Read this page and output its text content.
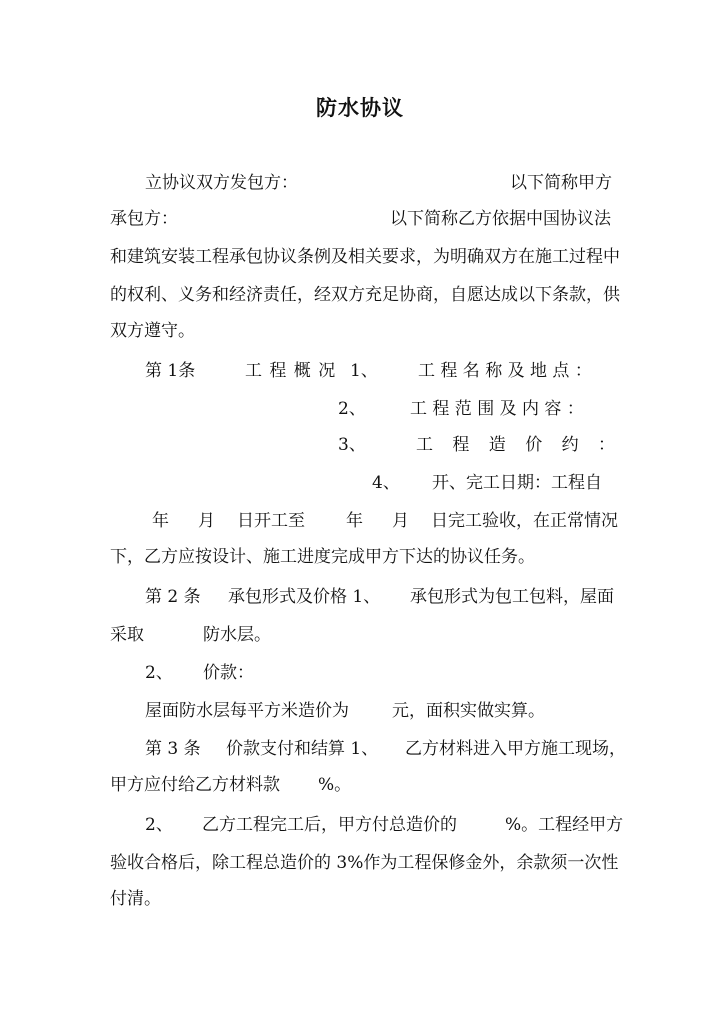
防水协议
立协议双方发包方：	以下简称甲方
承包方：	以下简称乙方依据中国协议法
和建筑安装工程承包协议条例及相关要求，为明确双方在施工过程中
的权利、义务和经济责任，经双方充足协商，自愿达成以下条款，供
双方遵守。
第 1条	工 程 概 况 1、 工 程 名 称 及 地 点 ：
2、	工 程 范 围 及 内 容 ：
3、	工 程 造 价 约 ：
4、 开、完工日期：工程自
年 月 日开工至 年 月 日完工验收，在正常情况
下，乙方应按设计、施工进度完成甲方下达的协议任务。
第 2 条 承包形式及价格 1、 承包形式为包工包料，屋面
采取	防水层。
2、 价款：
屋面防水层每平方米造价为	元，面积实做实算。
第 3 条 价款支付和结算 1、 乙方材料进入甲方施工现场，
甲方应付给乙方材料款 %。
2、 乙方工程完工后，甲方付总造价的	%。工程经甲方
验收合格后，除工程总造价的 3%作为工程保修金外，余款须一次性
付清。
